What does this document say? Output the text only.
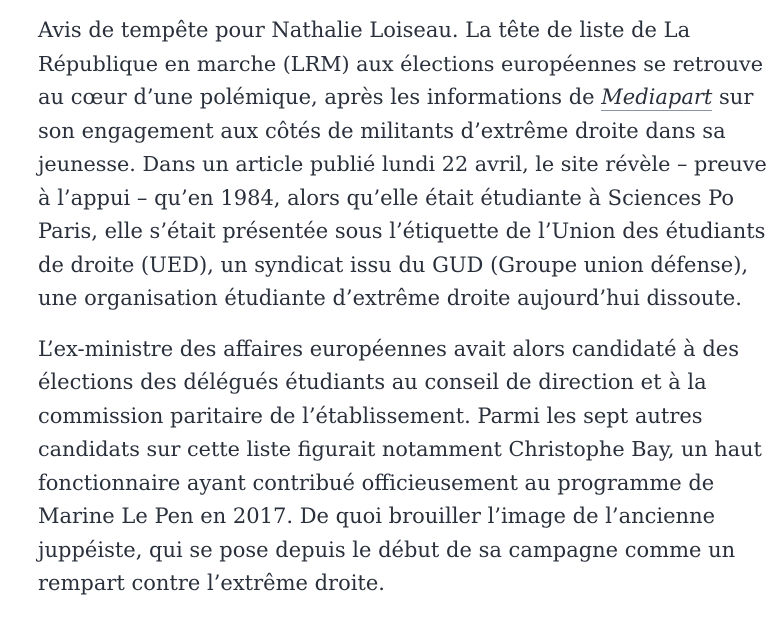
Avis de tempête pour Nathalie Loiseau. La tête de liste de La
République en marche (LRM) aux élections européennes se retrouve
au cœur d’une polémique, après les informations de Mediapart sur
son engagement aux côtés de militants d’extrême droite dans sa
jeunesse. Dans un article publié lundi 22 avril, le site révèle – preuve
à l’appui – qu’en 1984, alors qu’elle était étudiante à Sciences Po
Paris, elle s’était présentée sous l’étiquette de l’Union des étudiants
de droite (UED), un syndicat issu du GUD (Groupe union défense),
une organisation étudiante d’extrême droite aujourd’hui dissoute.

L’ex-ministre des affaires européennes avait alors candidaté à des
élections des délégués étudiants au conseil de direction et à la
commission paritaire de l’établissement. Parmi les sept autres
candidats sur cette liste figurait notamment Christophe Bay, un haut
fonctionnaire ayant contribué officieusement au programme de
Marine Le Pen en 2017. De quoi brouiller l’image de l’ancienne
juppéiste, qui se pose depuis le début de sa campagne comme un
rempart contre l’extrême droite.
